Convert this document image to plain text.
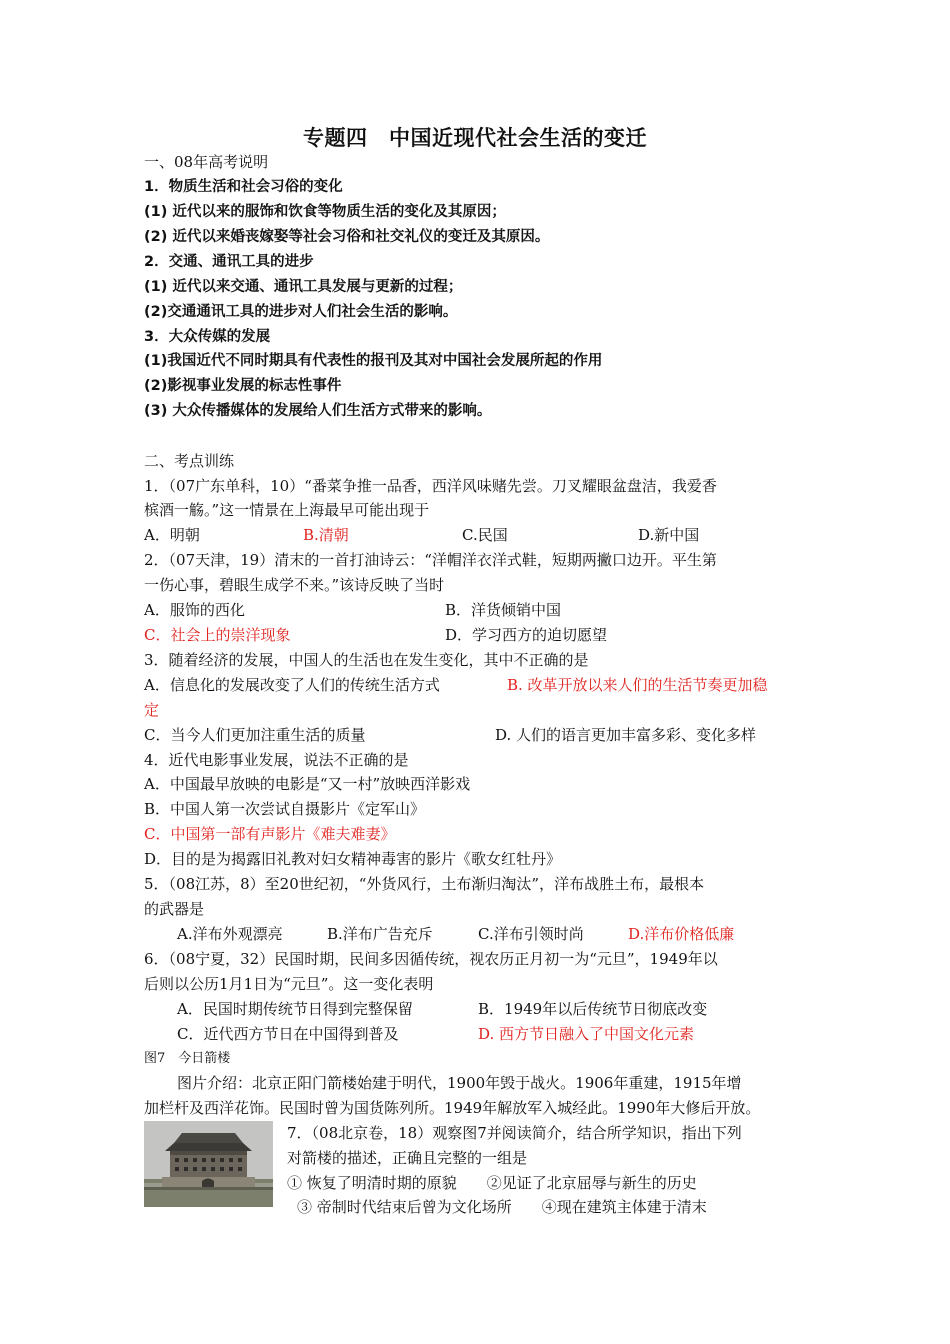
专题四　中国近现代社会生活的变迁
一、08年高考说明
1．物质生活和社会习俗的变化
(1) 近代以来的服饰和饮食等物质生活的变化及其原因；
(2) 近代以来婚丧嫁娶等社会习俗和社交礼仪的变迁及其原因。
2．交通、通讯工具的进步
(1) 近代以来交通、通讯工具发展与更新的过程；
(2)交通通讯工具的进步对人们社会生活的影响。
3．大众传媒的发展
(1)我国近代不同时期具有代表性的报刊及其对中国社会发展所起的作用
(2)影视事业发展的标志性事件
(3) 大众传播媒体的发展给人们生活方式带来的影响。
二、考点训练
1．（07广东单科，10）“番菜争推一品香，西洋风味赌先尝。刀叉耀眼盆盘洁，我爱香
槟酒一觞。”这一情景在上海最早可能出现于
A．明朝	B.清朝	C.民国	D.新中国
2．（07天津，19）清末的一首打油诗云：“洋帽洋衣洋式鞋，短期两撇口边开。平生第
一伤心事，碧眼生成学不来。”该诗反映了当时
A．服饰的西化	B．洋货倾销中国
C．社会上的崇洋现象	D．学习西方的迫切愿望
3．随着经济的发展，中国人的生活也在发生变化，其中不正确的是
A．信息化的发展改变了人们的传统生活方式	B. 改革开放以来人们的生活节奏更加稳
定
C．当今人们更加注重生活的质量	D. 人们的语言更加丰富多彩、变化多样
4．近代电影事业发展，说法不正确的是
A．中国最早放映的电影是“又一村”放映西洋影戏
B．中国人第一次尝试自摄影片《定军山》
C．中国第一部有声影片《难夫难妻》
D．目的是为揭露旧礼教对妇女精神毒害的影片《歌女红牡丹》
5．（08江苏，8）至20世纪初，“外货风行，土布渐归淘汰”，洋布战胜土布，最根本
的武器是
A.洋布外观漂亮	B.洋布广告充斥	C.洋布引领时尚	D.洋布价格低廉
6．（08宁夏，32）民国时期，民间多因循传统，视农历正月初一为“元旦”，1949年以
后则以公历1月1日为“元旦”。这一变化表明
A．民国时期传统节日得到完整保留	B．1949年以后传统节日彻底改变
C．近代西方节日在中国得到普及	D. 西方节日融入了中国文化元素
图7　今日箭楼
图片介绍：北京正阳门箭楼始建于明代，1900年毁于战火。1906年重建，1915年增
加栏杆及西洋花饰。民国时曾为国货陈列所。1949年解放军入城经此。1990年大修后开放。
7．（08北京卷，18）观察图7并阅读简介，结合所学知识，指出下列
对箭楼的描述，正确且完整的一组是
① 恢复了明清时期的原貌　　②见证了北京屈辱与新生的历史
③ 帝制时代结束后曾为文化场所　　④现在建筑主体建于清末
